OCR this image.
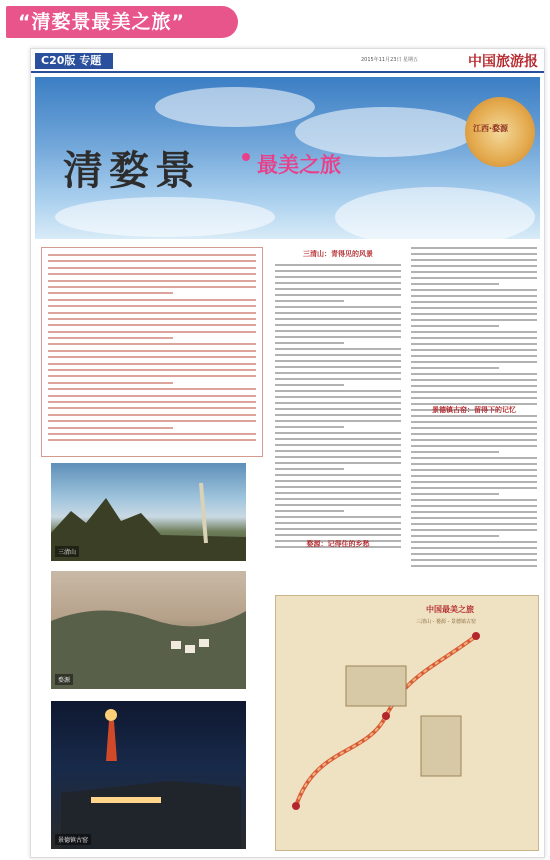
“清婺景最美之旅”
C20版 专题	2015年11月23日 星期五	中国旅游报
清婺景	最美之旅
江西·婺源
三清山：青得见的风景
婺源：记得住的乡愁
景德镇古窑：留得下的记忆
三清山
婺源
景德镇古窑
中国最美之旅
三清山 - 婺源 - 景德镇古窑
